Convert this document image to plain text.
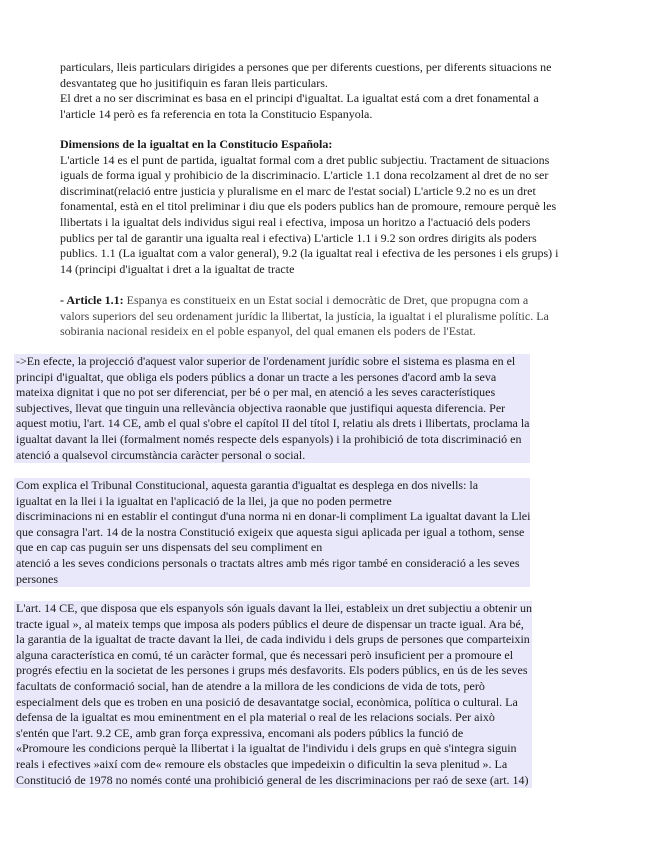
particulars, lleis particulars dirigides a persones que per diferents cuestions, per diferents situacions ne
desvantateg que ho jusitifiquin es faran lleis particulars.
El dret a no ser discriminat es basa en el principi d'igualtat. La igualtat está com a dret fonamental a
l'article 14 però es fa referencia en tota la Constitucio Espanyola.
Dimensions de la igualtat en la Constitucio Española:
L'article 14 es el punt de partida, igualtat formal com a dret public subjectiu. Tractament de situacions
iguals de forma igual y prohibicio de la discriminacio. L'article 1.1 dona recolzament al dret de no ser
discriminat(relació entre justicia y pluralisme en el marc de l'estat social) L'article 9.2 no es un dret
fonamental, està en el titol preliminar i diu que els poders publics han de promoure, remoure perquè les
llibertats i la igualtat dels individus sigui real i efectiva, imposa un horitzo a l'actuació dels poders
publics per tal de garantir una igualta real i efectiva) L'article 1.1 i 9.2 son ordres dirigits als poders
publics. 1.1 (La igualtat com a valor general), 9.2 (la igualtat real i efectiva de les persones i els grups) i
14 (principi d'igualtat i dret a la igualtat de tracte
- Article 1.1: Espanya es constitueix en un Estat social i democràtic de Dret, que propugna com a
valors superiors del seu ordenament jurídic la llibertat, la justícia, la igualtat i el pluralisme polític. La
sobirania nacional resideix en el poble espanyol, del qual emanen els poders de l'Estat.
->En efecte, la projecció d'aquest valor superior de l'ordenament jurídic sobre el sistema es plasma en el
principi d'igualtat, que obliga els poders públics a donar un tracte a les persones d'acord amb la seva
mateixa dignitat i que no pot ser diferenciat, per bé o per mal, en atenció a les seves característiques
subjectives, llevat que tinguin una rellevància objectiva raonable que justifiqui aquesta diferencia. Per
aquest motiu, l'art. 14 CE, amb el qual s'obre el capítol II del títol I, relatiu als drets i llibertats, proclama la
igualtat davant la llei (formalment només respecte dels espanyols) i la prohibició de tota discriminació en
atenció a qualsevol circumstància caràcter personal o social.
Com explica el Tribunal Constitucional, aquesta garantia d'igualtat es desplega en dos nivells: la
igualtat en la llei i la igualtat en l'aplicació de la llei, ja que no poden permetre
discriminacions ni en establir el contingut d'una norma ni en donar-li compliment La igualtat davant la Llei
que consagra l'art. 14 de la nostra Constitució exigeix que aquesta sigui aplicada per igual a tothom, sense
que en cap cas puguin ser uns dispensats del seu compliment en
atenció a les seves condicions personals o tractats altres amb més rigor també en consideració a les seves
persones
L'art. 14 CE, que disposa que els espanyols són iguals davant la llei, estableix un dret subjectiu a obtenir un
tracte igual », al mateix temps que imposa als poders públics el deure de dispensar un tracte igual. Ara bé,
la garantia de la igualtat de tracte davant la llei, de cada individu i dels grups de persones que comparteixin
alguna característica en comú, té un caràcter formal, que és necessari però insuficient per a promoure el
progrés efectiu en la societat de les persones i grups més desfavorits. Els poders públics, en ús de les seves
facultats de conformació social, han de atendre a la millora de les condicions de vida de tots, però
especialment dels que es troben en una posició de desavantatge social, econòmica, política o cultural. La
defensa de la igualtat es mou eminentment en el pla material o real de les relacions socials. Per això
s'entén que l'art. 9.2 CE, amb gran força expressiva, encomani als poders públics la funció de
«Promoure les condicions perquè la llibertat i la igualtat de l'individu i dels grups en què s'integra siguin
reals i efectives »així com de« remoure els obstacles que impedeixin o dificultin la seva plenitud ». La
Constitució de 1978 no només conté una prohibició general de les discriminacions per raó de sexe (art. 14)
